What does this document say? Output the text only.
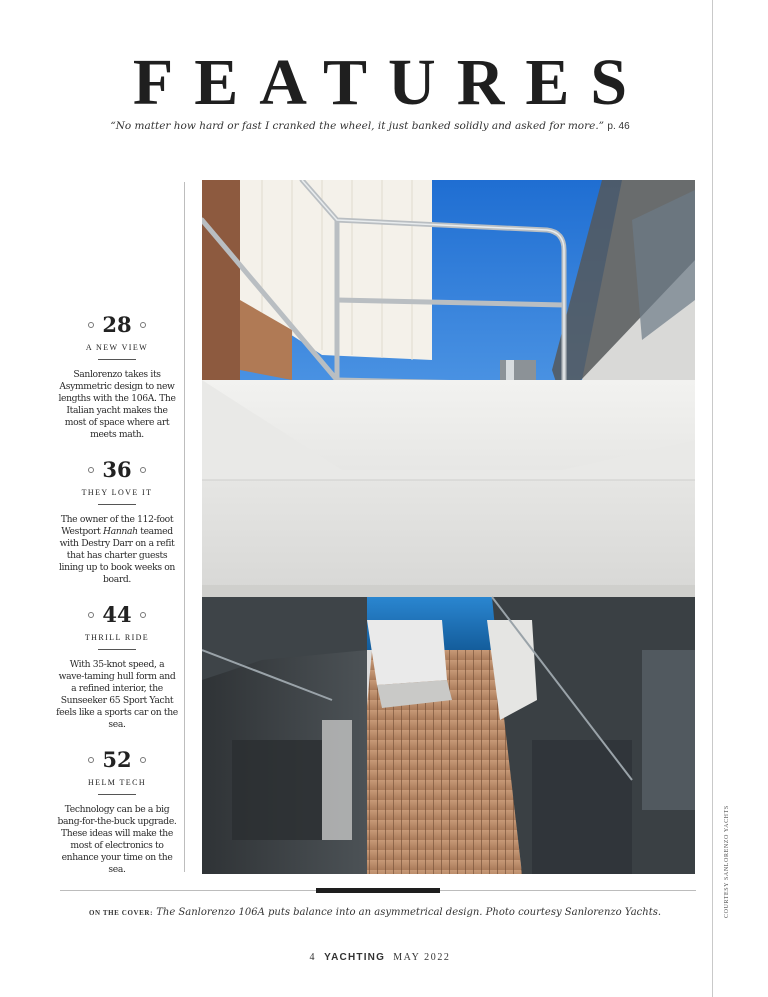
COURTESY SANLORENZO YACHTS
FEATURES
“No matter how hard or fast I cranked the wheel, it just banked solidly and asked for more.” p. 46
28
A NEW VIEW
Sanlorenzo takes its Asymmetric design to new lengths with the 106A. The Italian yacht makes the most of space where art meets math.
36
THEY LOVE IT
The owner of the 112-foot Westport Hannah teamed with Destry Darr on a refit that has charter guests lining up to book weeks on board.
44
THRILL RIDE
With 35-knot speed, a wave-taming hull form and a refined interior, the Sunseeker 65 Sport Yacht feels like a sports car on the sea.
52
HELM TECH
Technology can be a big bang-for-the-buck upgrade. These ideas will make the most of electronics to enhance your time on the sea.
ON THE COVER: The Sanlorenzo 106A puts balance into an asymmetrical design. Photo courtesy Sanlorenzo Yachts.
4 YACHTING MAY 2022
